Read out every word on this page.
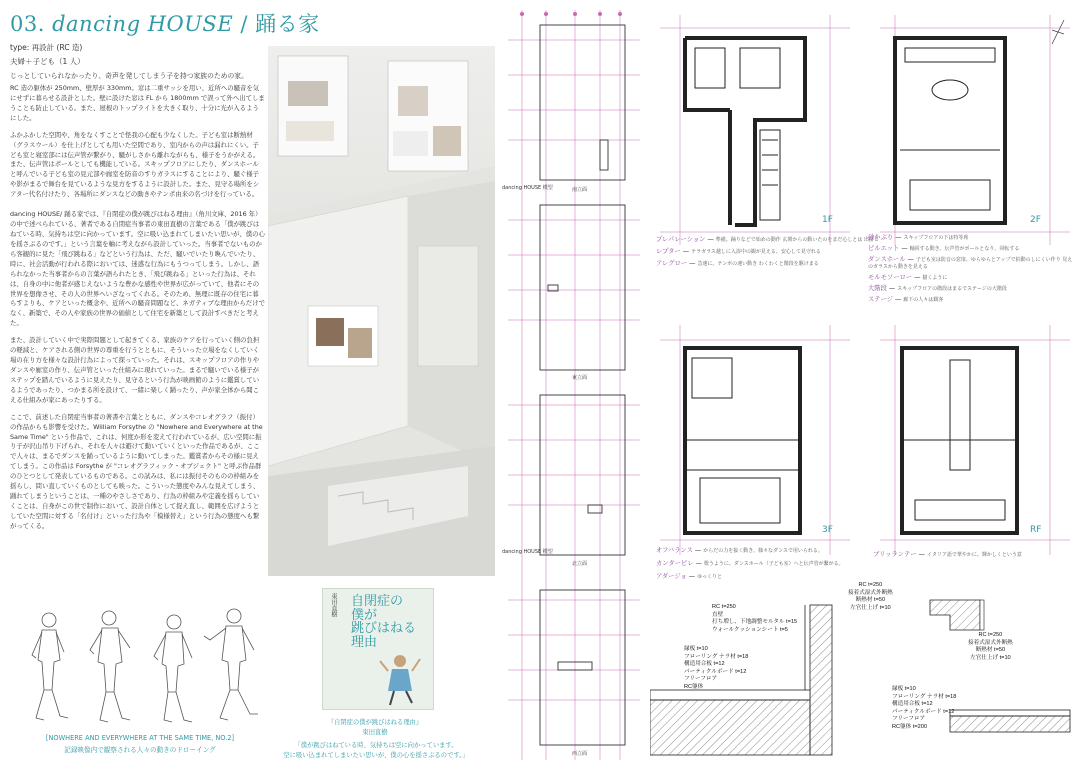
03. dancing HOUSE / 踊る家
type: 再設計 (RC 造)
夫婦＋子ども（1 人）
じっとしていられなかったり、奇声を発してしまう子を持つ家族のための家。

RC 造の躯体が 250mm、壁厚が 330mm。窓は二重サッシを用い、近所への騒音を気にせずに暮らせる設計とした。壁に設けた窓は FL から 1800mm で誤って外へ出てしまうことも防止している。また、屋根のトップライトを大きく取り、十分に光が入るようにした。

ふかふかした空間や、角をなくすことで怪我の心配も少なくした。子ども室は断熱材（グラスウール）を仕上げとしても用いた空間であり、室内からの声は漏れにくい。子ども室と寝室部には伝声管が繋がり、騒がしさから離れながらも、様子をうかがえる。また、伝声管はポールとしても機能している。スキップフロアにしたり、ダンスホールと呼んでいる子ども室の見元部や廊室を防音のすりガラスにすることにより、騒ぐ様子や影がまるで舞台を見ているような見方をするように設計した。また、見守る場所をシアター代名付けたり、各場所にダンスなどの動きやテンポ由来の名づけを行っている。

dancing HOUSE/ 踊る家では、『自閉症の僕が跳びはねる理由』（角川文庫、2016 年）の中で述べられている、著者である自閉症当事者の東田直樹の言葉である「僕が跳びはねている時、気持ちは空に向かっています。空に吸い込まれてしまいたい思いが、僕の心を揺さぶるのです。」という言葉を軸に考えながら設計していった。当事者でないものから客観的に見た「飛び跳ねる」などという行為は、ただ、騒いでいたり喚んでいたり、時に、社会活動が行われる際においては、迷惑な行為にもうつってしまう。しかし、語られなかった当事者からの言葉が語られたとき、「飛び跳ねる」といった行為は、それは、自身の中に他者が感じえないような豊かな感性や世界が広がっていて、他者にその世界を想像させ、その人の世界へいざなってくれる。そのため、無理に既存の住宅に暮らすよりも、ケアといった概念や、近所への騒音問題など、ネガティブな理由からだけでなく、新築で、その人や家族の世界の価値として住宅を新築として設計すべきだと考えた。

また、設計していく中で実際問題として起きてくる、家族のケアを行っていく側の負担の軽減と、ケアされる側の世界の尊重を行うとともに、そういった立場をなくしていく場の在り方を様々な設計行為によって探っていった。それは、スキップフロアの作りやダンスや廊室の作り、伝声管といった仕組みに現れていった。まるで騒いでいる様子がステップを踏んでいるように見えたり、見守るという行為が映画館のように鑑賞しているようであったり、つかまる所を設けて、一緒に楽しく踊ったり、声が家全体から聞こえる仕組みが家にあったりする。

ここで、前述した自閉症当事者の著書や言葉とともに、ダンスやコレオグラフ（振付）の作品からも影響を受けた。William Forsythe の "Nowhere and Everywhere at the Same Time" という作品で、これは、何度か形を変えて行われているが、広い空間に振り子が沢山吊り下げられ、それを人々は避けて動いていくといった作品であるが、ここで人々は、まるでダンスを踊っているように動いてしまった。鑑賞者からその様に見えてしまう。この作品は Forsythe が "コレオグラフィック・オブジェクト" と呼ぶ作品群のひとつとして発表しているものである。この試みは、私には振付そのものの枠組みを揺らし、問い直していくものとしても映った。こういった態度やみんな見えてしまう、踊れてしまうということは、一種のやさしさであり、行為の枠組みや定義を揺らしていくことは、自身がこの世で制作において、設計自体として捉え直し、範囲を広げようとしていた空間に対する「名付け」といった行為や「模様替え」という行為の態度へも繋がってくる。

[NOWHERE AND EVERYWHERE AT THE SAME TIME, NO.2]
記録映像内で観察される人々の動きのドローイング
東田直樹 自閉症の
僕が
跳びはねる
理由
『自閉症の僕が跳びはねる理由』
東田直樹
「僕が跳びはねている時、気持ちは空に向かっています。
空に吸い込まれてしまいたい思いが、僕の心を揺さぶるのです。」
dancing HOUSE 模型	南立面
東立面
dancing HOUSE 模型
北立面
西立面
1F	2F
3F	RF
プレパレーション — 準備。踊りなどで始めの動作 玄関からの動いたのをまだ心しとは 出掛こ
レプター — テラガラス越しに入浴中の観が見える。安心して見守れる
アレグロー — 急速に。テンポの速い動き わくわくと階段を駆けまる
砂かぶり — スキップフロアの下は特等席
ピルエット — 軸回する動き。伝声管がポールとなり、回転する
ダンスホール — 子ども室は防音の窓扉、ゆらゆらとアップで拍動のしにくい作り 見えのガラスから動きを見える
モルモソーロー — 猫くように
大階段 — スキップフロアの階段はまるでステージの大階段
ステージ — 廊下の人々は観客
オフバランス — からだの力を抜く動き。様々なダンスで用いられる。
カンタービレ — 歌うように。ダンスホール（子ども室）へと伝声管が繋がる。
アダージョ — ゆっくりと
ブリッランテー — イタリア語で華やかに。輝かしくという意
RC t=250
直壁
打ち増し、下地調整モルタル t=15
ウォールクッションシート t=5
縁板 t=10
フローリング ナラ材 t=18
構造用合板 t=12
パーティクルボード t=12
フリーフロア
RC躯体
RC t=250
接着式湿式外断熱
断熱材 t=50
左官仕上げ t=10
RC t=250
接着式湿式外断熱
断熱材 t=50
左官仕上げ t=10
縁板 t=10
フローリング ナラ材 t=18
構造用合板 t=12
パーティクルボード t=12
フリーフロア
RC躯体 t=200
